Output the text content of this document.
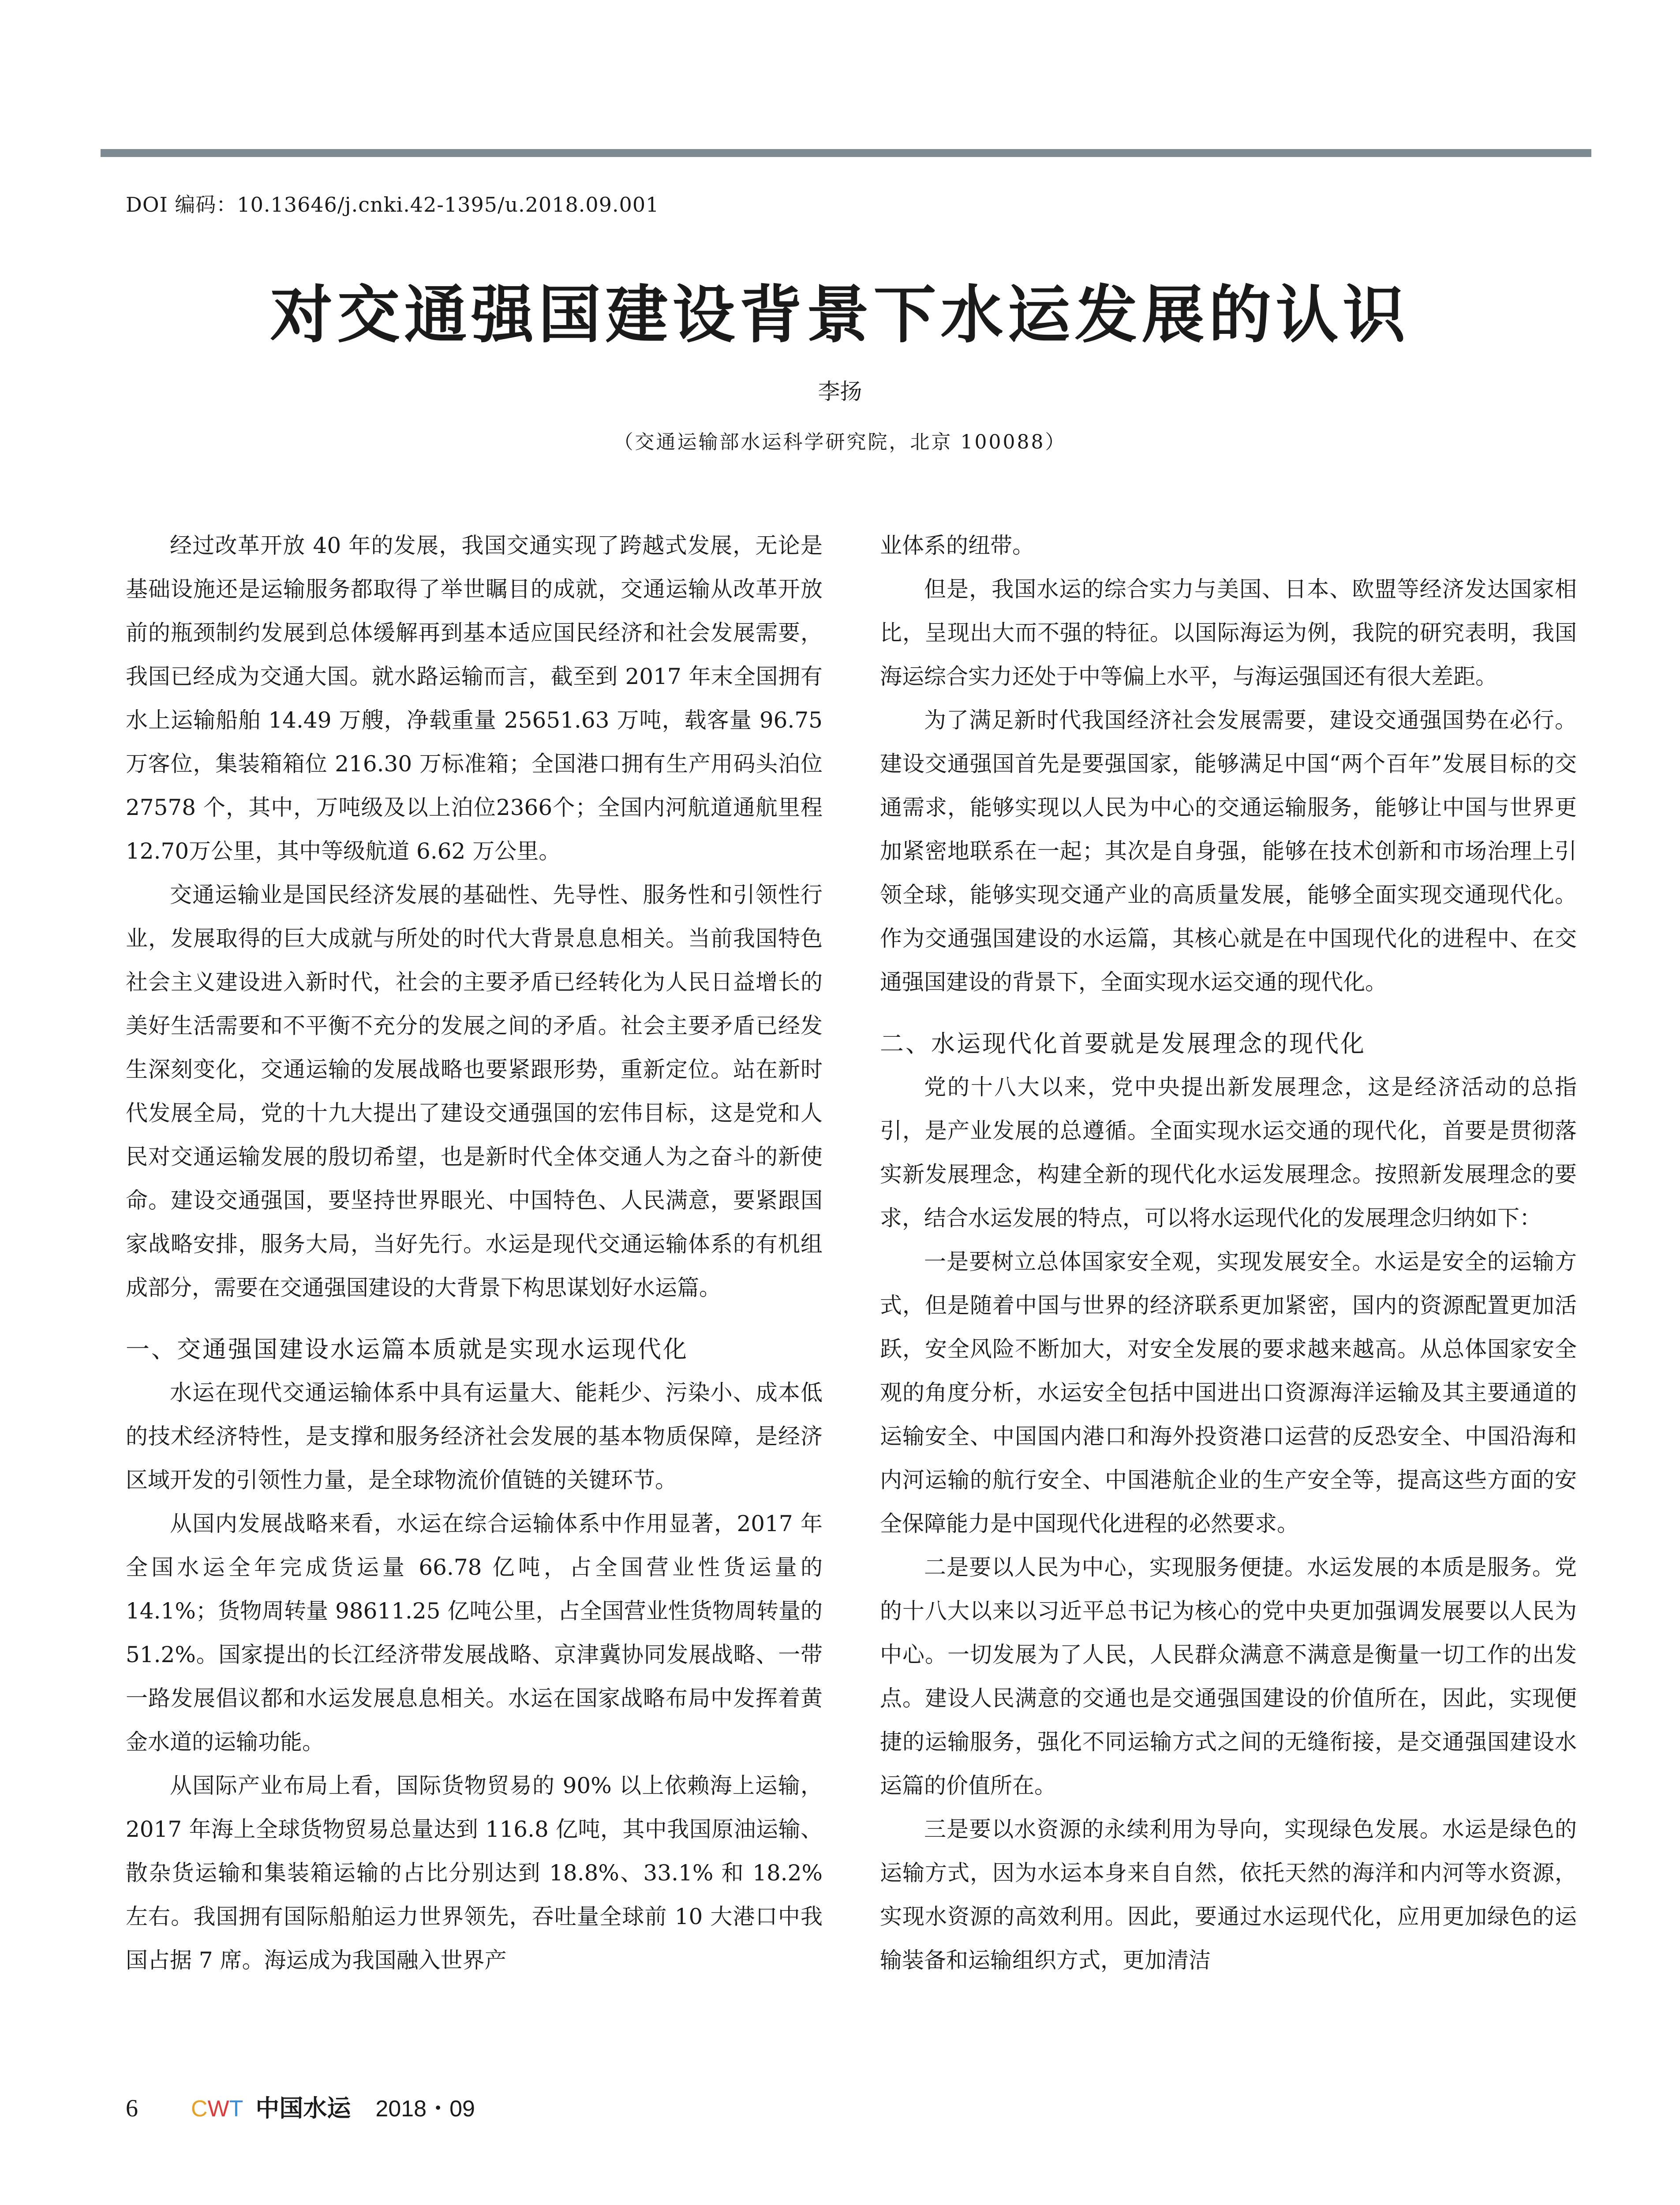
DOI 编码：10.13646/j.cnki.42-1395/u.2018.09.001
对交通强国建设背景下水运发展的认识
李扬
（交通运输部水运科学研究院，北京 100088）

经过改革开放 40 年的发展，我国交通实现了跨越式发展，无论是基础设施还是运输服务都取得了举世瞩目的成就，交通运输从改革开放前的瓶颈制约发展到总体缓解再到基本适应国民经济和社会发展需要，我国已经成为交通大国。就水路运输而言，截至到 2017 年末全国拥有水上运输船舶 14.49 万艘，净载重量 25651.63 万吨，载客量 96.75 万客位，集装箱箱位 216.30 万标准箱；全国港口拥有生产用码头泊位 27578 个，其中，万吨级及以上泊位2366个；全国内河航道通航里程12.70万公里，其中等级航道 6.62 万公里。

交通运输业是国民经济发展的基础性、先导性、服务性和引领性行业，发展取得的巨大成就与所处的时代大背景息息相关。当前我国特色社会主义建设进入新时代，社会的主要矛盾已经转化为人民日益增长的美好生活需要和不平衡不充分的发展之间的矛盾。社会主要矛盾已经发生深刻变化，交通运输的发展战略也要紧跟形势，重新定位。站在新时代发展全局，党的十九大提出了建设交通强国的宏伟目标，这是党和人民对交通运输发展的殷切希望，也是新时代全体交通人为之奋斗的新使命。建设交通强国，要坚持世界眼光、中国特色、人民满意，要紧跟国家战略安排，服务大局，当好先行。水运是现代交通运输体系的有机组成部分，需要在交通强国建设的大背景下构思谋划好水运篇。

一、交通强国建设水运篇本质就是实现水运现代化

水运在现代交通运输体系中具有运量大、能耗少、污染小、成本低的技术经济特性，是支撑和服务经济社会发展的基本物质保障，是经济区域开发的引领性力量，是全球物流价值链的关键环节。

从国内发展战略来看，水运在综合运输体系中作用显著，2017 年全国水运全年完成货运量 66.78 亿吨，占全国营业性货运量的 14.1%；货物周转量 98611.25 亿吨公里，占全国营业性货物周转量的 51.2%。国家提出的长江经济带发展战略、京津冀协同发展战略、一带一路发展倡议都和水运发展息息相关。水运在国家战略布局中发挥着黄金水道的运输功能。

从国际产业布局上看，国际货物贸易的 90% 以上依赖海上运输，2017 年海上全球货物贸易总量达到 116.8 亿吨，其中我国原油运输、散杂货运输和集装箱运输的占比分别达到 18.8%、33.1% 和 18.2% 左右。我国拥有国际船舶运力世界领先，吞吐量全球前 10 大港口中我国占据 7 席。海运成为我国融入世界产

业体系的纽带。

但是，我国水运的综合实力与美国、日本、欧盟等经济发达国家相比，呈现出大而不强的特征。以国际海运为例，我院的研究表明，我国海运综合实力还处于中等偏上水平，与海运强国还有很大差距。

为了满足新时代我国经济社会发展需要，建设交通强国势在必行。建设交通强国首先是要强国家，能够满足中国“两个百年”发展目标的交通需求，能够实现以人民为中心的交通运输服务，能够让中国与世界更加紧密地联系在一起；其次是自身强，能够在技术创新和市场治理上引领全球，能够实现交通产业的高质量发展，能够全面实现交通现代化。作为交通强国建设的水运篇，其核心就是在中国现代化的进程中、在交通强国建设的背景下，全面实现水运交通的现代化。

二、水运现代化首要就是发展理念的现代化

党的十八大以来，党中央提出新发展理念，这是经济活动的总指引，是产业发展的总遵循。全面实现水运交通的现代化，首要是贯彻落实新发展理念，构建全新的现代化水运发展理念。按照新发展理念的要求，结合水运发展的特点，可以将水运现代化的发展理念归纳如下：

一是要树立总体国家安全观，实现发展安全。水运是安全的运输方式，但是随着中国与世界的经济联系更加紧密，国内的资源配置更加活跃，安全风险不断加大，对安全发展的要求越来越高。从总体国家安全观的角度分析，水运安全包括中国进出口资源海洋运输及其主要通道的运输安全、中国国内港口和海外投资港口运营的反恐安全、中国沿海和内河运输的航行安全、中国港航企业的生产安全等，提高这些方面的安全保障能力是中国现代化进程的必然要求。

二是要以人民为中心，实现服务便捷。水运发展的本质是服务。党的十八大以来以习近平总书记为核心的党中央更加强调发展要以人民为中心。一切发展为了人民，人民群众满意不满意是衡量一切工作的出发点。建设人民满意的交通也是交通强国建设的价值所在，因此，实现便捷的运输服务，强化不同运输方式之间的无缝衔接，是交通强国建设水运篇的价值所在。

三是要以水资源的永续利用为导向，实现绿色发展。水运是绿色的运输方式，因为水运本身来自自然，依托天然的海洋和内河等水资源，实现水资源的高效利用。因此，要通过水运现代化，应用更加绿色的运输装备和运输组织方式，更加清洁

6 CWT 中国水运 2018・09
